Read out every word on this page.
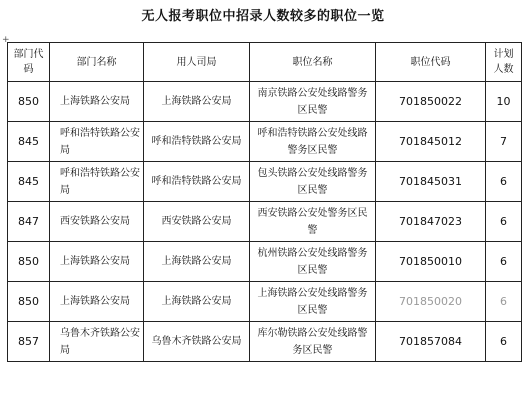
无人报考职位中招录人数较多的职位一览
+
部门代码	部门名称	用人司局	职位名称	职位代码	计划人数
850	上海铁路公安局	上海铁路公安局	南京铁路公安处线路警务区民警	701850022	10
845	呼和浩特铁路公安局	呼和浩特铁路公安局	呼和浩特铁路公安处线路警务区民警	701845012	7
845	呼和浩特铁路公安局	呼和浩特铁路公安局	包头铁路公安处线路警务区民警	701845031	6
847	西安铁路公安局	西安铁路公安局	西安铁路公安处警务区民警	701847023	6
850	上海铁路公安局	上海铁路公安局	杭州铁路公安处线路警务区民警	701850010	6
850	上海铁路公安局	上海铁路公安局	上海铁路公安处线路警务区民警	701850020	6
857	乌鲁木齐铁路公安局	乌鲁木齐铁路公安局	库尔勒铁路公安处线路警务区民警	701857084	6
